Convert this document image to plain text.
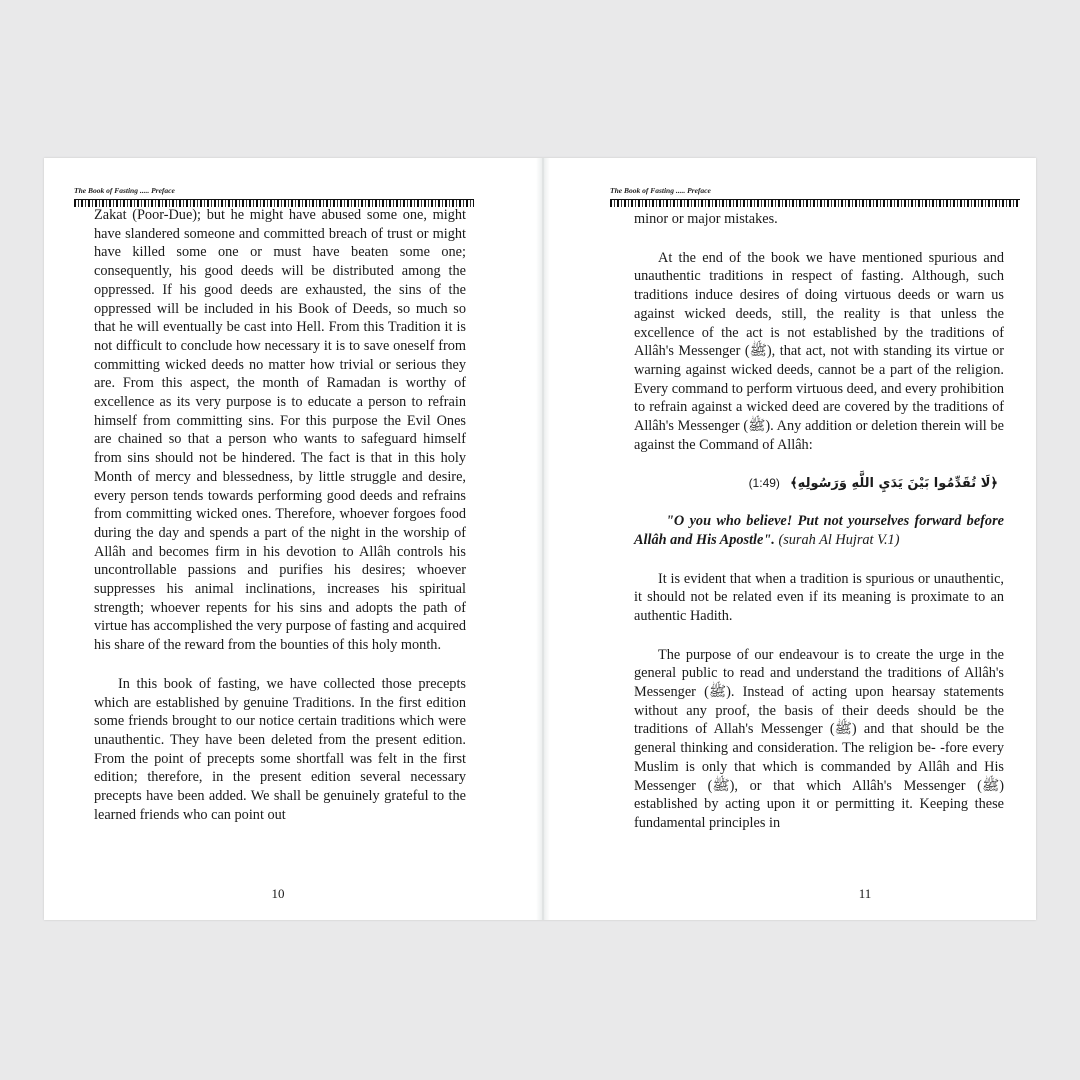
The Book of Fasting ..... Preface

Zakat (Poor-Due); but he might have abused some one, might have slandered someone and committed breach of trust or might have killed some one or must have beaten some one; consequently, his good deeds will be distributed among the oppressed. If his good deeds are exhausted, the sins of the oppressed will be included in his Book of Deeds, so much so that he will eventually be cast into Hell. From this Tradition it is not difficult to conclude how necessary it is to save oneself from committing wicked deeds no matter how trivial or serious they are. From this aspect, the month of Ramadan is worthy of excellence as its very purpose is to educate a person to refrain himself from committing sins. For this purpose the Evil Ones are chained so that a person who wants to safeguard himself from sins should not be hindered. The fact is that in this holy Month of mercy and blessedness, by little struggle and desire, every person tends towards performing good deeds and refrains from committing wicked ones. Therefore, whoever forgoes food during the day and spends a part of the night in the worship of Allâh and becomes firm in his devotion to Allâh controls his uncontrollable passions and purifies his desires; whoever suppresses his animal inclinations, increases his spiritual strength; whoever repents for his sins and adopts the path of virtue has accomplished the very purpose of fasting and acquired his share of the reward from the bounties of this holy month.

In this book of fasting, we have collected those precepts which are established by genuine Traditions. In the first edition some friends brought to our notice certain traditions which were unauthentic. They have been deleted from the present edition. From the point of precepts some shortfall was felt in the first edition; therefore, in the present edition several necessary precepts have been added. We shall be genuinely grateful to the learned friends who can point out

10
The Book of Fasting ..... Preface

minor or major mistakes.

At the end of the book we have mentioned spurious and unauthentic traditions in respect of fasting. Although, such traditions induce desires of doing virtuous deeds or warn us against wicked deeds, still, the reality is that unless the excellence of the act is not established by the traditions of Allâh's Messenger (ﷺ), that act, not with standing its virtue or warning against wicked deeds, cannot be a part of the religion. Every command to perform virtuous deed, and every prohibition to refrain against a wicked deed are covered by the traditions of Allâh's Messenger (ﷺ). Any addition or deletion therein will be against the Command of Allâh:

(1:49) ﴿لَا تُقَدِّمُوا بَيْنَ يَدَيِ اللَّهِ وَرَسُولِهِ﴾

"O you who believe! Put not yourselves forward before Allâh and His Apostle". (surah Al Hujrat V.1)

It is evident that when a tradition is spurious or unauthentic, it should not be related even if its meaning is proximate to an authentic Hadith.

The purpose of our endeavour is to create the urge in the general public to read and understand the traditions of Allâh's Messenger (ﷺ). Instead of acting upon hearsay statements without any proof, the basis of their deeds should be the traditions of Allah's Messenger (ﷺ) and that should be the general thinking and consideration. The religion be- -fore every Muslim is only that which is commanded by Allâh and His Messenger (ﷺ), or that which Allâh's Messenger (ﷺ) established by acting upon it or permitting it. Keeping these fundamental principles in

11
